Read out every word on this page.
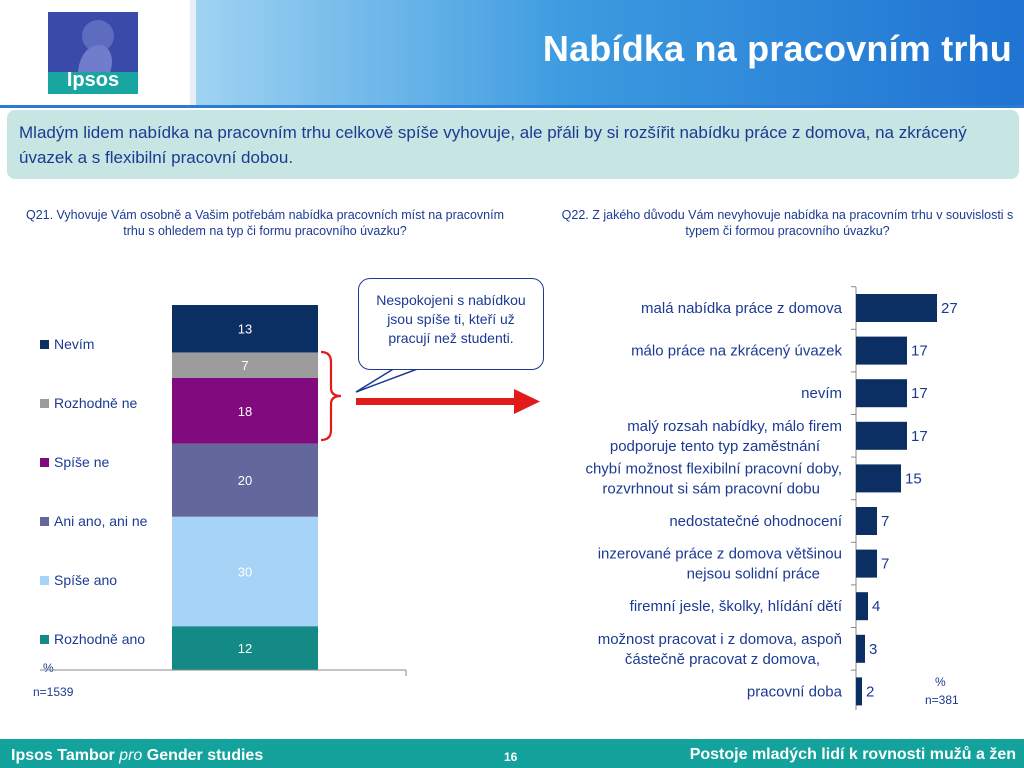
Ipsos
Nabídka na pracovním trhu
Mladým lidem nabídka na pracovním trhu celkově spíše vyhovuje, ale přáli by si rozšířit nabídku práce z domova, na zkrácený úvazek a s flexibilní pracovní dobou.
Q21. Vyhovuje Vám osobně a Vašim potřebám nabídka pracovních míst na pracovním trhu s ohledem na typ či formu pracovního úvazku?
Q22. Z jakého důvodu Vám nevyhovuje nabídka na pracovním trhu v souvislosti s typem či formou pracovního úvazku?
Nespokojeni s nabídkou jsou spíše ti, kteří už pracují než studenti.
Nevím
Rozhodně ne
Spíše ne
Ani ano, ani ne
Spíše ano
Rozhodně ano
%
n=1539
%
n=381
12
30
20
18
7
13
27
malá nabídka práce z domova
17
málo práce na zkrácený úvazek
17
nevím
17
malý rozsah nabídky, málo firem podporuje tento typ zaměstnání
15
chybí možnost flexibilní pracovní doby, rozvrhnout si sám pracovní dobu
7
nedostatečné ohodnocení
7
inzerované práce z domova většinou nejsou solidní práce
4
firemní jesle, školky, hlídání dětí
3
možnost pracovat i z domova, aspoň částečně pracovat z domova,
2
pracovní doba
Ipsos Tambor pro Gender studies	16	Postoje mladých lidí k rovnosti mužů a žen
